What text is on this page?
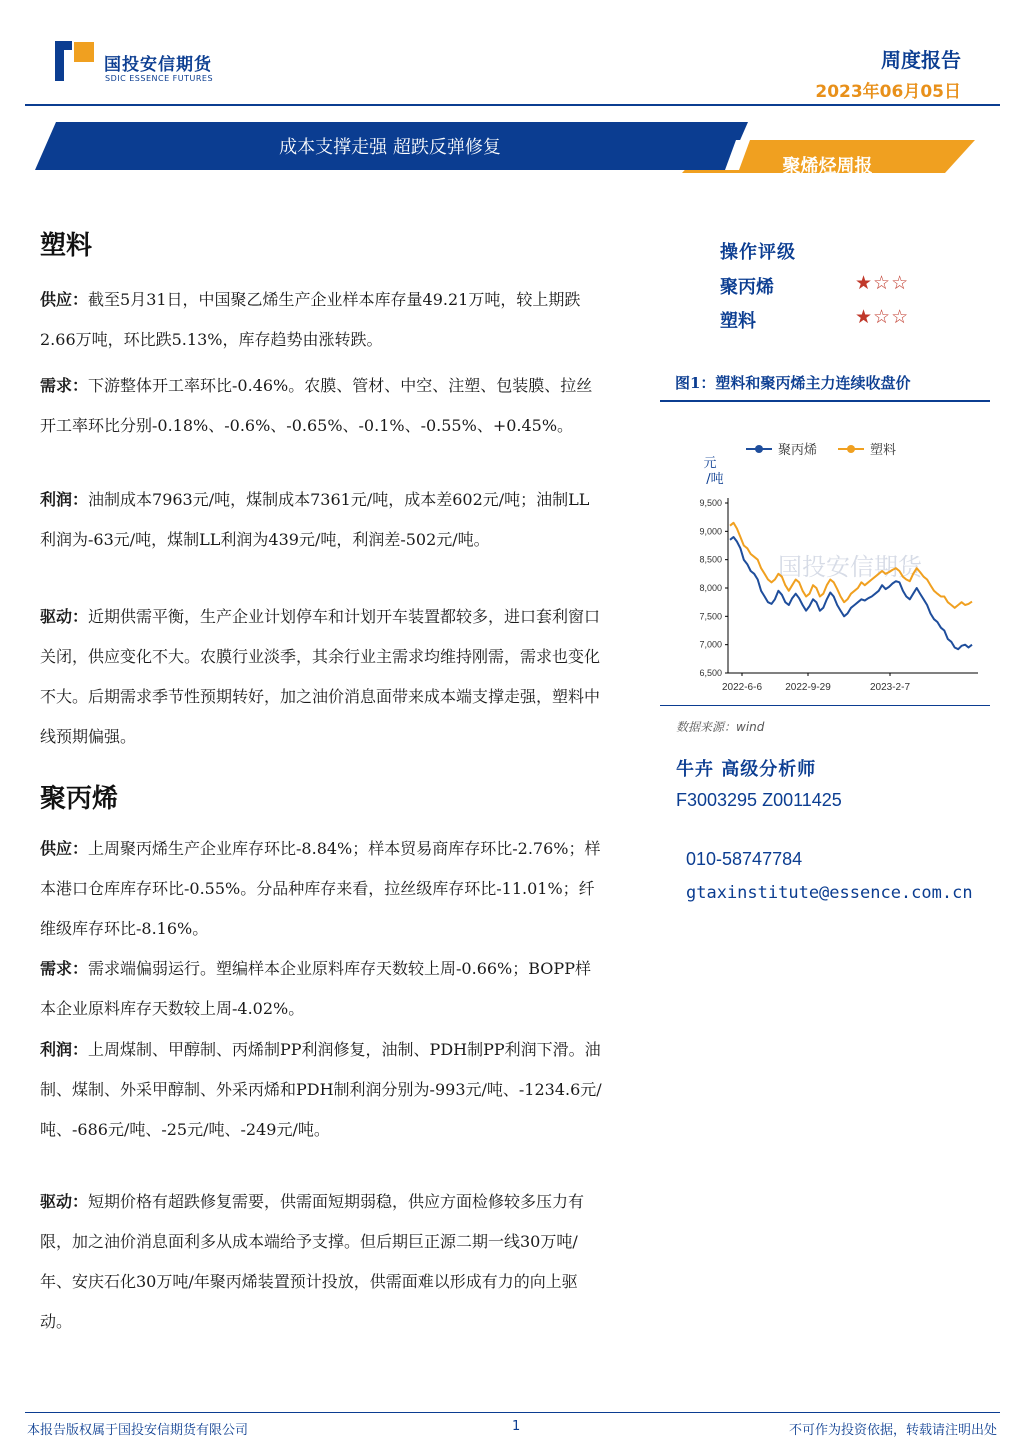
国投安信期货
SDIC ESSENCE FUTURES
周度报告
2023年06月05日
成本支撑走强 超跌反弹修复
聚烯烃周报
塑料
供应：截至5月31日，中国聚乙烯生产企业样本库存量49.21万吨，较上期跌2.66万吨，环比跌5.13%，库存趋势由涨转跌。
需求：下游整体开工率环比-0.46%。农膜、管材、中空、注塑、包装膜、拉丝开工率环比分别-0.18%、-0.6%、-0.65%、-0.1%、-0.55%、+0.45%。
利润：油制成本7963元/吨，煤制成本7361元/吨，成本差602元/吨；油制LL利润为-63元/吨，煤制LL利润为439元/吨，利润差-502元/吨。
驱动：近期供需平衡，生产企业计划停车和计划开车装置都较多，进口套利窗口关闭，供应变化不大。农膜行业淡季，其余行业主需求均维持刚需，需求也变化不大。后期需求季节性预期转好，加之油价消息面带来成本端支撑走强，塑料中线预期偏强。
聚丙烯
供应：上周聚丙烯生产企业库存环比-8.84%；样本贸易商库存环比-2.76%；样本港口仓库库存环比-0.55%。分品种库存来看，拉丝级库存环比-11.01%；纤维级库存环比-8.16%。
需求：需求端偏弱运行。塑编样本企业原料库存天数较上周-0.66%；BOPP样本企业原料库存天数较上周-4.02%。
利润：上周煤制、甲醇制、丙烯制PP利润修复，油制、PDH制PP利润下滑。油制、煤制、外采甲醇制、外采丙烯和PDH制利润分别为-993元/吨、-1234.6元/吨、-686元/吨、-25元/吨、-249元/吨。
驱动：短期价格有超跌修复需要，供需面短期弱稳，供应方面检修较多压力有限，加之油价消息面利多从成本端给予支撑。但后期巨正源二期一线30万吨/年、安庆石化30万吨/年聚丙烯装置预计投放，供需面难以形成有力的向上驱动。
操作评级
聚丙烯	★☆☆
塑料	★☆☆
图1：塑料和聚丙烯主力连续收盘价
国投安信期货
6,500
7,000
7,500
8,000
8,500
9,000
9,500
元
/吨
2022-6-6 2022-9-29	2023-2-7
聚丙烯	塑料
数据来源：wind
牛卉 高级分析师
F3003295 Z0011425
010-58747784
gtaxinstitute@essence.com.cn
本报告版权属于国投安信期货有限公司	1	不可作为投资依据，转载请注明出处
